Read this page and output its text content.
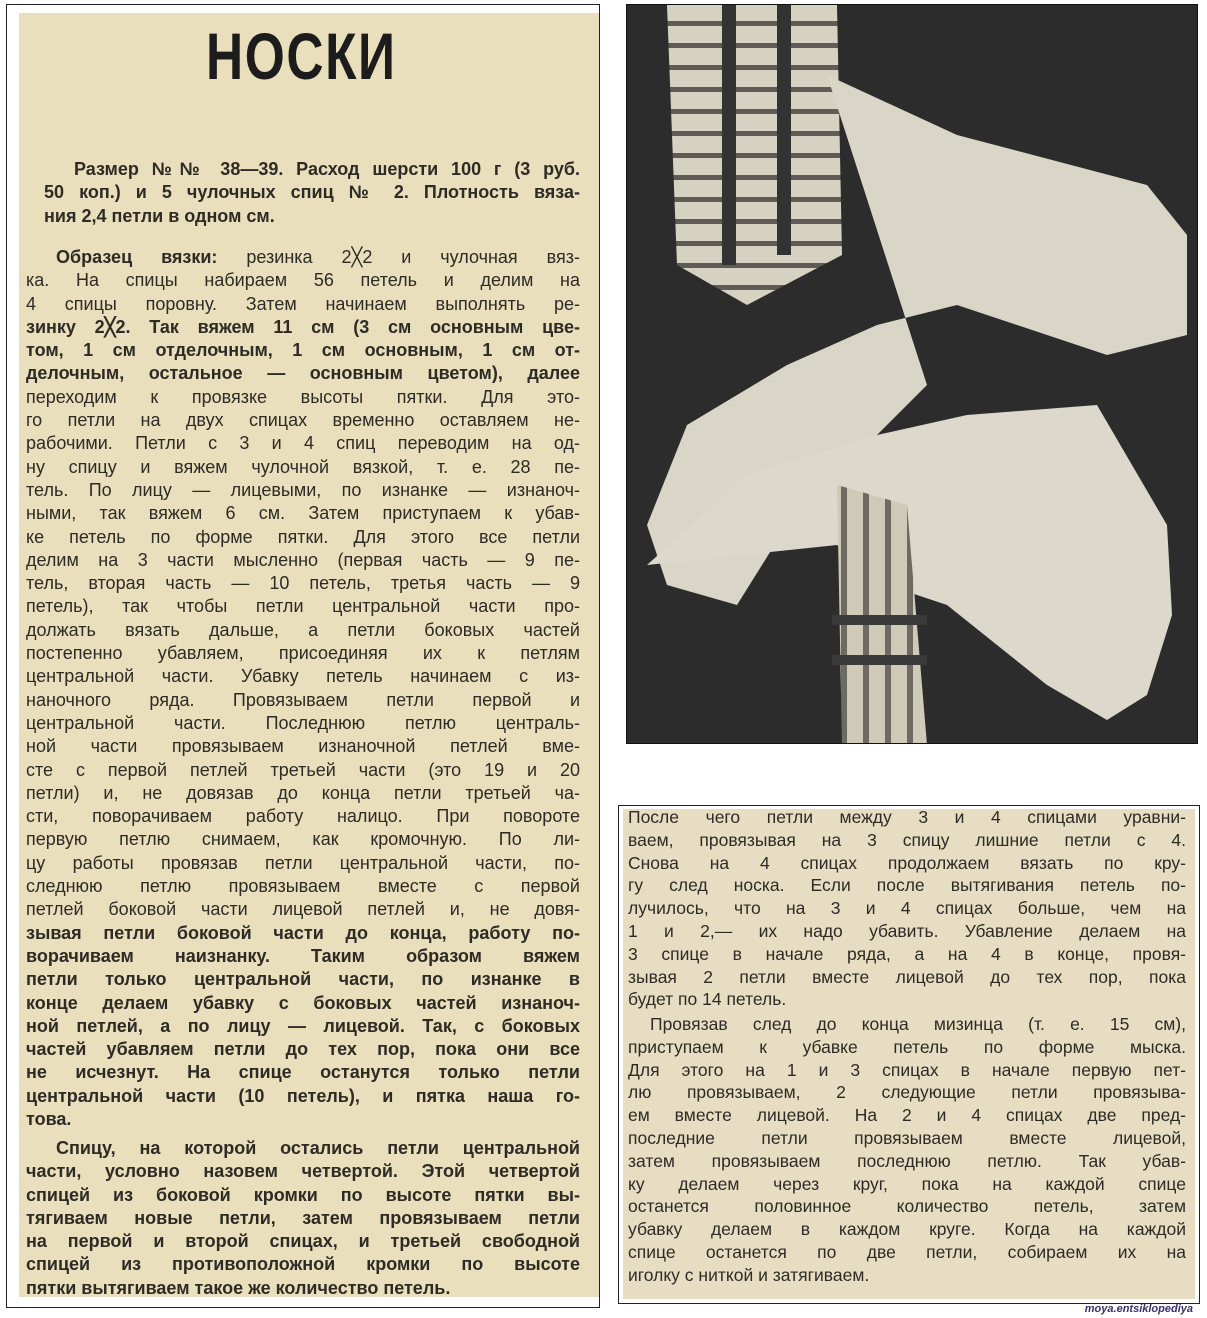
НОСКИ
Размер №№ 38—39. Расход шерсти 100 г (3 руб.
50 коп.) и 5 чулочных спиц № 2. Плотность вяза-
ния 2,4 петли в одном см.
Образец вязки: резинка 2╳2 и чулочная вяз-
ка. На спицы набираем 56 петель и делим на
4 спицы поровну. Затем начинаем выполнять ре-
зинку 2╳2. Так вяжем 11 см (3 см основным цве-
том, 1 см отделочным, 1 см основным, 1 см от-
делочным, остальное — основным цветом), далее
переходим к провязке высоты пятки. Для это-
го петли на двух спицах временно оставляем не-
рабочими. Петли с 3 и 4 спиц переводим на од-
ну спицу и вяжем чулочной вязкой, т. е. 28 пе-
тель. По лицу — лицевыми, по изнанке — изнаноч-
ными, так вяжем 6 см. Затем приступаем к убав-
ке петель по форме пятки. Для этого все петли
делим на 3 части мысленно (первая часть — 9 пе-
тель, вторая часть — 10 петель, третья часть — 9
петель), так чтобы петли центральной части про-
должать вязать дальше, а петли боковых частей
постепенно убавляем, присоединяя их к петлям
центральной части. Убавку петель начинаем с из-
наночного ряда. Провязываем петли первой и
центральной части. Последнюю петлю централь-
ной части провязываем изнаночной петлей вме-
сте с первой петлей третьей части (это 19 и 20
петли) и, не довязав до конца петли третьей ча-
сти, поворачиваем работу налицо. При повороте
первую петлю снимаем, как кромочную. По ли-
цу работы провязав петли центральной части, по-
следнюю петлю провязываем вместе с первой
петлей боковой части лицевой петлей и, не довя-
зывая петли боковой части до конца, работу по-
ворачиваем наизнанку. Таким образом вяжем
петли только центральной части, по изнанке в
конце делаем убавку с боковых частей изнаноч-
ной петлей, а по лицу — лицевой. Так, с боковых
частей убавляем петли до тех пор, пока они все
не исчезнут. На спице останутся только петли
центральной части (10 петель), и пятка наша го-
това.
Спицу, на которой остались петли центральной
части, условно назовем четвертой. Этой четвертой
спицей из боковой кромки по высоте пятки вы-
тягиваем новые петли, затем провязываем петли
на первой и второй спицах, и третьей свободной
спицей из противоположной кромки по высоте
пятки вытягиваем такое же количество петель.
После чего петли между 3 и 4 спицами уравни-
ваем, провязывая на 3 спицу лишние петли с 4.
Снова на 4 спицах продолжаем вязать по кру-
гу след носка. Если после вытягивания петель по-
лучилось, что на 3 и 4 спицах больше, чем на
1 и 2,— их надо убавить. Убавление делаем на
3 спице в начале ряда, а на 4 в конце, провя-
зывая 2 петли вместе лицевой до тех пор, пока
будет по 14 петель.
Провязав след до конца мизинца (т. е. 15 см),
приступаем к убавке петель по форме мыска.
Для этого на 1 и 3 спицах в начале первую пет-
лю провязываем, 2 следующие петли провязыва-
ем вместе лицевой. На 2 и 4 спицах две пред-
последние петли провязываем вместе лицевой,
затем провязываем последнюю петлю. Так убав-
ку делаем через круг, пока на каждой спице
останется половинное количество петель, затем
убавку делаем в каждом круге. Когда на каждой
спице останется по две петли, собираем их на
иголку с ниткой и затягиваем.
moya.entsiklopediya
